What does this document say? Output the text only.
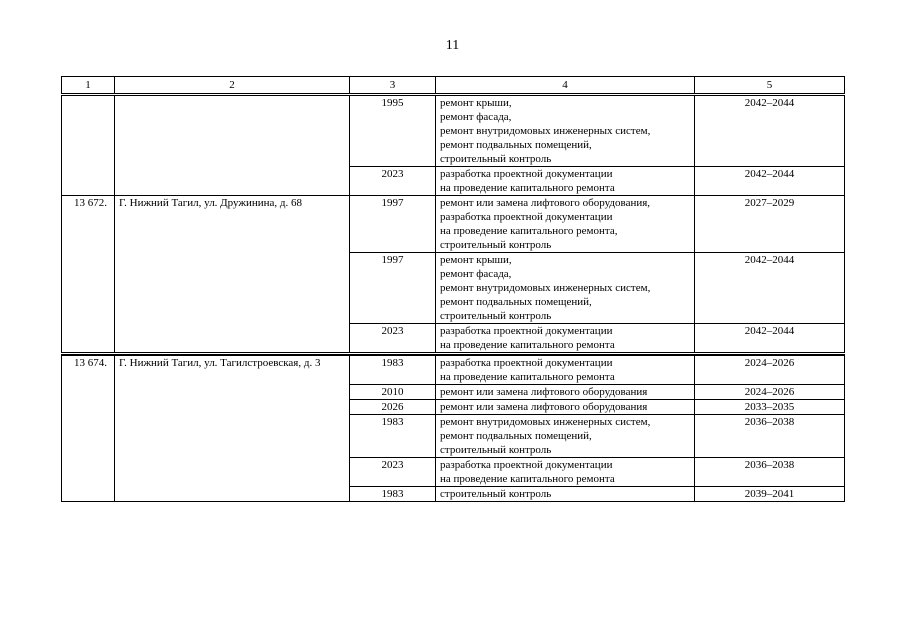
11
1	2	3	4	5
		1995	ремонт крыши,
ремонт фасада,
ремонт внутридомовых инженерных систем,
ремонт подвальных помещений,
строительный контроль	2042–2044
		2023	разработка проектной документации
на проведение капитального ремонта	2042–2044
13 672.	Г. Нижний Тагил, ул. Дружинина, д. 68	1997	ремонт или замена лифтового оборудования,
разработка проектной документации
на проведение капитального ремонта,
строительный контроль	2027–2029
		1997	ремонт крыши,
ремонт фасада,
ремонт внутридомовых инженерных систем,
ремонт подвальных помещений,
строительный контроль	2042–2044
		2023	разработка проектной документации
на проведение капитального ремонта	2042–2044

13 674.	Г. Нижний Тагил, ул. Тагилстроевская, д. 3	1983	разработка проектной документации
на проведение капитального ремонта	2024–2026
		2010	ремонт или замена лифтового оборудования	2024–2026
		2026	ремонт или замена лифтового оборудования	2033–2035
		1983	ремонт внутридомовых инженерных систем,
ремонт подвальных помещений,
строительный контроль	2036–2038
		2023	разработка проектной документации
на проведение капитального ремонта	2036–2038
		1983	строительный контроль	2039–2041
